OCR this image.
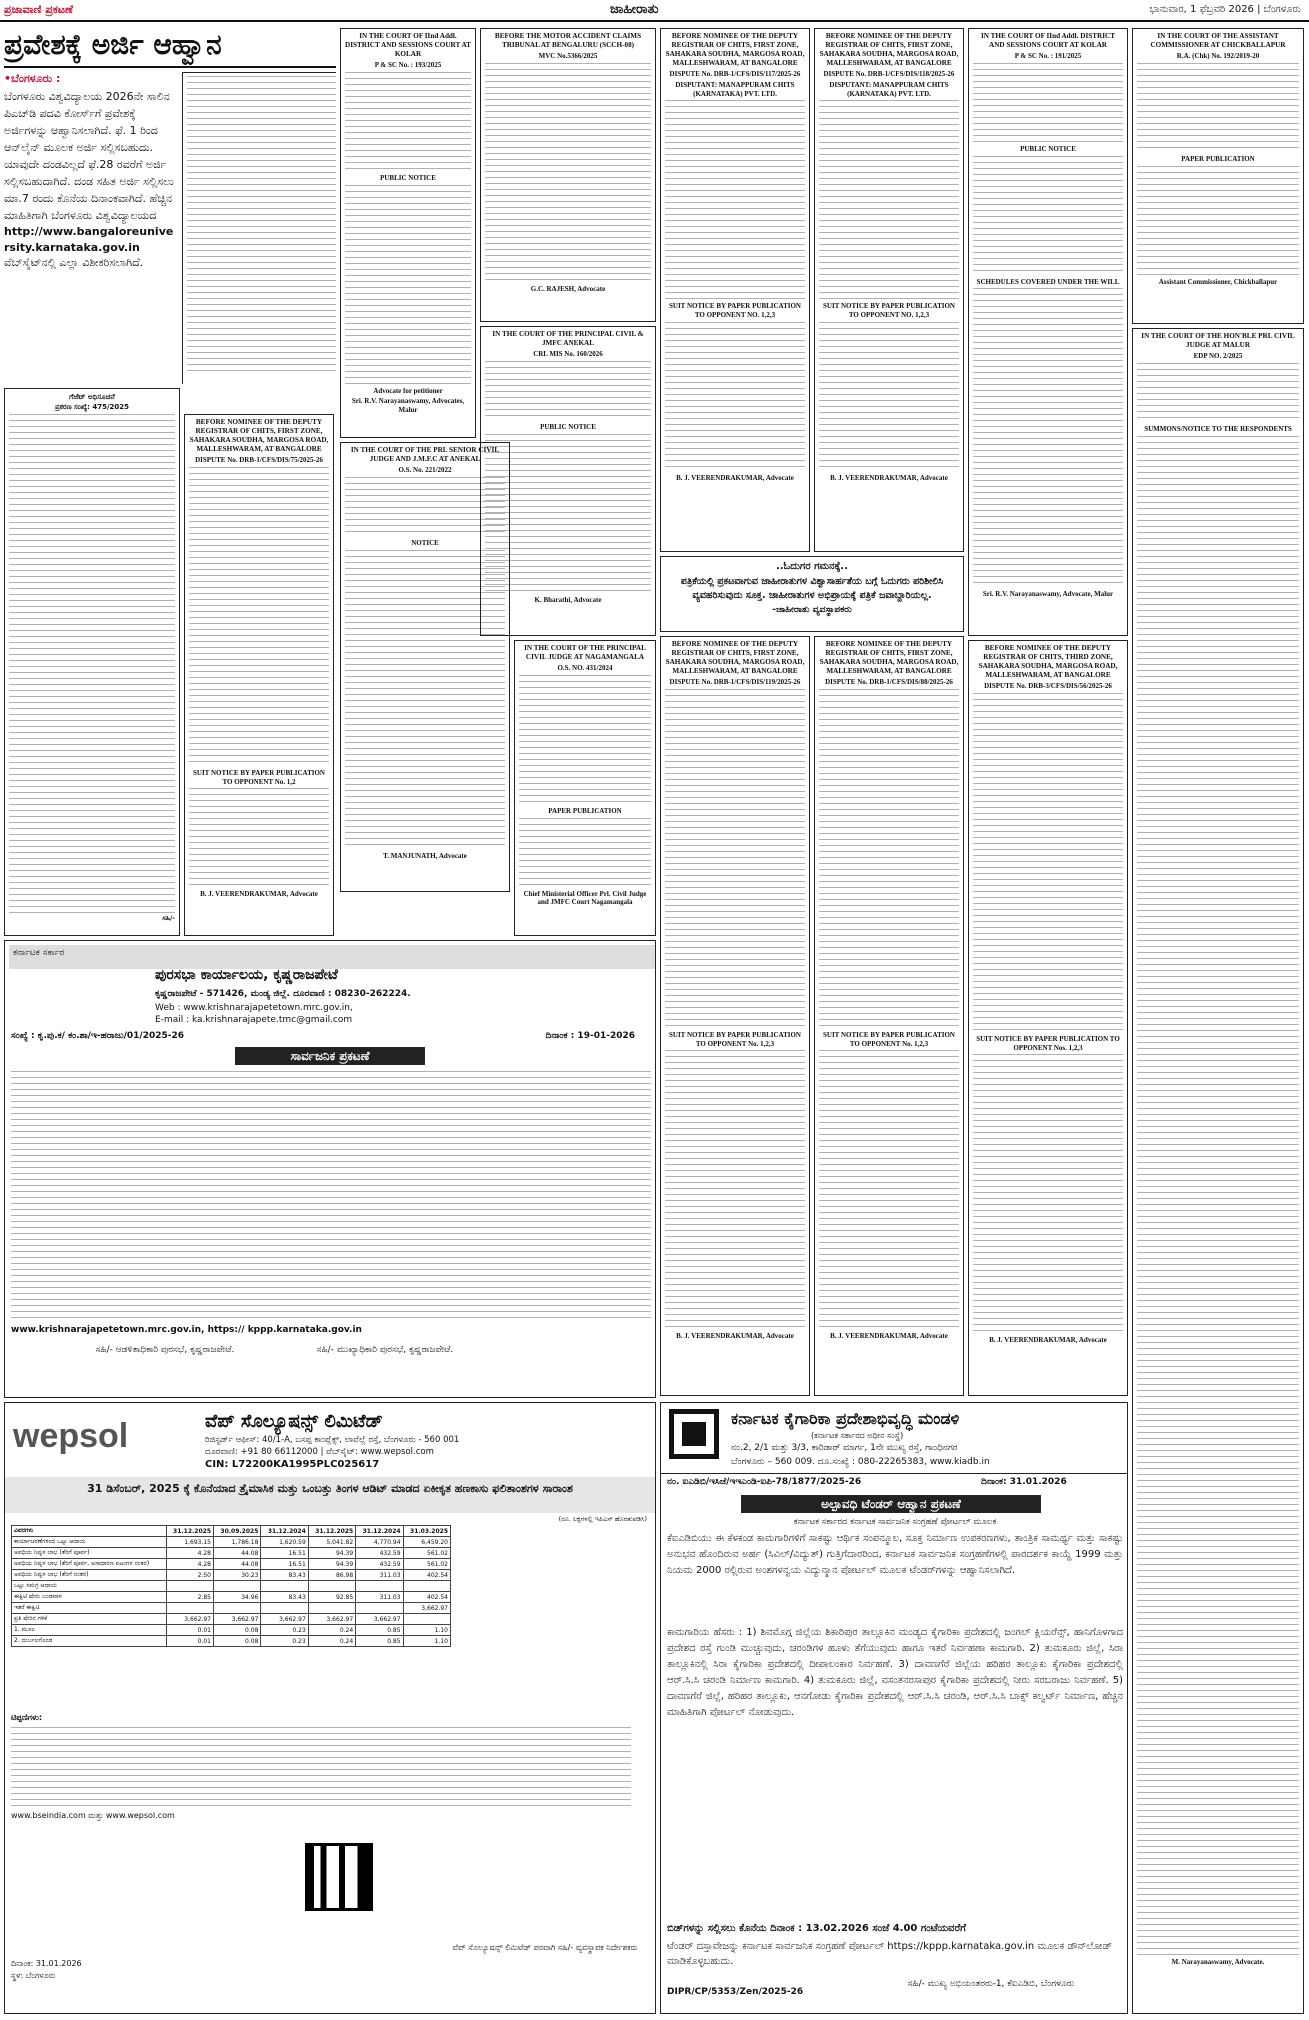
ಪ್ರಜಾವಾಣಿ ಪ್ರಕಟಣೆ	ಜಾಹೀರಾತು	ಭಾನುವಾರ, 1 ಫೆಬ್ರವರಿ 2026 | ಬೆಂಗಳೂರು
ಪ್ರವೇಶಕ್ಕೆ ಅರ್ಜಿ ಆಹ್ವಾನ
•ಬೆಂಗಳೂರು :
ಬೆಂಗಳೂರು ವಿಶ್ವವಿದ್ಯಾಲಯ 2026ನೇ ಸಾಲಿನ ಪಿಎಚ್‌ಡಿ ಪದವಿ ಕೋರ್ಸ್‌ಗೆ ಪ್ರವೇಶಕ್ಕೆ ಅರ್ಜಿಗಳನ್ನು ಆಹ್ವಾನಿಸಲಾಗಿದೆ. ಫೆ. 1 ರಿಂದ ಆನ್‌ಲೈನ್ ಮೂಲಕ ಅರ್ಜಿ ಸಲ್ಲಿಸಬಹುದು. ಯಾವುದೇ ದಂಡವಿಲ್ಲದೆ ಫೆ.28 ರವರೆಗೆ ಅರ್ಜಿ ಸಲ್ಲಿಸಬಹುದಾಗಿದೆ. ದಂಡ ಸಹಿತ ಅರ್ಜಿ ಸಲ್ಲಿಸಲು ಮಾ.7 ರಂದು ಕೊನೆಯ ದಿನಾಂಕವಾಗಿದೆ. ಹೆಚ್ಚಿನ ಮಾಹಿತಿಗಾಗಿ ಬೆಂಗಳೂರು ವಿಶ್ವವಿದ್ಯಾಲಯದ
http://www.bangaloreuniversity.karnataka.gov.in
ವೆಬ್‌ಸೈಟ್‌ನಲ್ಲಿ ಎಲ್ಲಾ ವಿಶೀಕರಿಸಲಾಗಿದೆ.
ಗೆಜೆಟ್ ಅಧಿಸೂಚನೆ
ಪ್ರಕರಣ ಸಂಖ್ಯೆ: 475/2025
ಸಹಿ/-
BEFORE NOMINEE OF THE DEPUTY REGISTRAR OF CHITS, FIRST ZONE, SAHAKARA SOUDHA, MARGOSA ROAD, MALLESHWARAM, AT BANGALORE
DISPUTE No. DRB-1/CFS/DIS/75/2025-26
SUIT NOTICE BY PAPER PUBLICATION TO OPPONENT No. 1,2
B. J. VEERENDRAKUMAR, Advocate
ಕರ್ನಾಟಕ ಸರ್ಕಾರ
ಪುರಸಭಾ ಕಾರ್ಯಾಲಯ, ಕೃಷ್ಣರಾಜಪೇಟೆ
ಕೃಷ್ಣರಾಜಪೇಟೆ - 571426, ಮಂಡ್ಯ ಜಿಲ್ಲೆ. ದೂರವಾಣಿ : 08230-262224.
Web : www.krishnarajapetetown.mrc.gov.in,
E-mail : ka.krishnarajapete.tmc@gmail.com
ಸಂಖ್ಯೆ : ಕೃ.ಪು.ಕ/ ಕಂ.ಶಾ/ಇ-ಹರಾಜು/01/2025-26	ದಿನಾಂಕ : 19-01-2026
ಸಾರ್ವಜನಿಕ ಪ್ರಕಟಣೆ
www.krishnarajapetetown.mrc.gov.in, https:// kppp.karnataka.gov.in
ಸಹಿ/- ಆಡಳಿತಾಧಿಕಾರಿ ಪುರಸಭೆ, ಕೃಷ್ಣರಾಜಪೇಟೆ.	ಸಹಿ/- ಮುಖ್ಯಾಧಿಕಾರಿ ಪುರಸಭೆ, ಕೃಷ್ಣರಾಜಪೇಟೆ.
IN THE COURT OF IInd Addl. DISTRICT AND SESSIONS COURT AT KOLAR
P & SC No. : 193/2025
PUBLIC NOTICE
Advocate for petitioner
Sri. R.V. Narayanaswamy, Advocates, Malur
IN THE COURT OF THE PRL SENIOR CIVIL JUDGE AND J.M.F.C AT ANEKAL
O.S. No. 221/2022
NOTICE
T. MANJUNATH, Advocate
BEFORE THE MOTOR ACCIDENT CLAIMS TRIBUNAL AT BENGALURU (SCCH-08)
MVC No.5366/2025
G.C. RAJESH, Advocate
IN THE COURT OF THE PRINCIPAL CIVIL & JMFC ANEKAL
CRL MIS No. 160/2026
PUBLIC NOTICE
K. Bharathi, Advocate
IN THE COURT OF THE PRINCIPAL CIVIL JUDGE AT NAGAMANGALA
O.S. NO. 431/2024
PAPER PUBLICATION
Chief Ministerial Officer Prl. Civil Judge and JMFC Court Nagamangala
BEFORE NOMINEE OF THE DEPUTY REGISTRAR OF CHITS, FIRST ZONE, SAHAKARA SOUDHA, MARGOSA ROAD, MALLESHWARAM, AT BANGALORE
DISPUTE No. DRB-1/CFS/DIS/117/2025-26
DISPUTANT: MANAPPURAM CHITS (KARNATAKA) PVT. LTD.
SUIT NOTICE BY PAPER PUBLICATION TO OPPONENT NO. 1,2,3
B. J. VEERENDRAKUMAR, Advocate
BEFORE NOMINEE OF THE DEPUTY REGISTRAR OF CHITS, FIRST ZONE, SAHAKARA SOUDHA, MARGOSA ROAD, MALLESHWARAM, AT BANGALORE
DISPUTE No. DRB-1/CFS/DIS/118/2025-26
DISPUTANT: MANAPPURAM CHITS (KARNATAKA) PVT. LTD.
SUIT NOTICE BY PAPER PUBLICATION TO OPPONENT NO. 1,2,3
B. J. VEERENDRAKUMAR, Advocate
..ಓದುಗರ ಗಮನಕ್ಕೆ..
ಪತ್ರಿಕೆಯಲ್ಲಿ ಪ್ರಕಟವಾಗುವ ಜಾಹೀರಾತುಗಳ ವಿಶ್ವಾಸಾರ್ಹತೆಯ ಬಗ್ಗೆ ಓದುಗರು ಪರಿಶೀಲಿಸಿ ವ್ಯವಹರಿಸುವುದು ಸೂಕ್ತ. ಜಾಹೀರಾತುಗಳ ಅಭಿಪ್ರಾಯಕ್ಕೆ ಪತ್ರಿಕೆ ಜವಾಬ್ದಾರಿಯಲ್ಲ.
-ಜಾಹೀರಾತು ವ್ಯವಸ್ಥಾಪಕರು
BEFORE NOMINEE OF THE DEPUTY REGISTRAR OF CHITS, FIRST ZONE, SAHAKARA SOUDHA, MARGOSA ROAD, MALLESHWARAM, AT BANGALORE
DISPUTE No. DRB-1/CFS/DIS/119/2025-26
SUIT NOTICE BY PAPER PUBLICATION TO OPPONENT No. 1,2,3
B. J. VEERENDRAKUMAR, Advocate
BEFORE NOMINEE OF THE DEPUTY REGISTRAR OF CHITS, FIRST ZONE, SAHAKARA SOUDHA, MARGOSA ROAD, MALLESHWARAM, AT BANGALORE
DISPUTE No. DRB-1/CFS/DIS/88/2025-26
SUIT NOTICE BY PAPER PUBLICATION TO OPPONENT No. 1,2,3
B. J. VEERENDRAKUMAR, Advocate
IN THE COURT OF IInd Addl. DISTRICT AND SESSIONS COURT AT KOLAR
P & SC No. : 191/2025
PUBLIC NOTICE
SCHEDULES COVERED UNDER THE WILL
Sri. R.V. Narayanaswamy, Advocate, Malur
BEFORE NOMINEE OF THE DEPUTY REGISTRAR OF CHITS, THIRD ZONE, SAHAKARA SOUDHA, MARGOSA ROAD, MALLESHWARAM, AT BANGALORE
DISPUTE No. DRB-3/CFS/DIS/56/2025-26
SUIT NOTICE BY PAPER PUBLICATION TO OPPONENT Nos. 1,2,3
B. J. VEERENDRAKUMAR, Advocate
IN THE COURT OF THE ASSISTANT COMMISSIONER AT CHICKBALLAPUR
R.A. (Chk) No. 192/2019-20
PAPER PUBLICATION
Assistant Commissioner, Chickballapur
IN THE COURT OF THE HON'BLE PRL CIVIL JUDGE AT MALUR
EDP NO. 2/2025
SUMMONS/NOTICE TO THE RESPONDENTS
M. Narayanaswamy, Advocate.
wepsol	ವೆಪ್ ಸೊಲ್ಯೂಷನ್ಸ್ ಲಿಮಿಟೆಡ್
ರಿಜಿಸ್ಟರ್ಡ್ ಆಫೀಸ್: 40/1-A, ಬಸಪ್ಪ ಕಾಂಪ್ಲೆಕ್ಸ್, ಲಾವೆಲ್ಲೆ ರಸ್ತೆ, ಬೆಂಗಳೂರು - 560 001
ದೂರವಾಣಿ: +91 80 66112000 | ವೆಬ್‌ಸೈಟ್: www.wepsol.com
CIN: L72200KA1995PLC025617
31 ಡಿಸೆಂಬರ್, 2025 ಕ್ಕೆ ಕೊನೆಯಾದ ತ್ರೈಮಾಸಿಕ ಮತ್ತು ಒಂಬತ್ತು ತಿಂಗಳ ಆಡಿಟ್‌ ಮಾಡದ ಏಕೀಕೃತ ಹಣಕಾಸು ಫಲಿತಾಂಶಗಳ ಸಾರಾಂಶ
(ರೂ. ಲಕ್ಷಗಳಲ್ಲಿ ಇಪಿಎಸ್ ಹೊರತುಪಡಿಸಿ)
ವಿವರಗಳು	31.12.2025	30.09.2025	31.12.2024	31.12.2025	31.12.2024	31.03.2025
ಕಾರ್ಯಾಚರಣೆಗಳಿಂದ ಒಟ್ಟು ಆದಾಯ	1,693.15	1,786.18	1,620.59	5,041.82	4,770.94	6,459.20
ಅವಧಿಯ ನಿವ್ವಳ ಲಾಭ (ತೆರಿಗೆ ಪೂರ್ವ)	4.28	44.08	16.51	94.39	432.59	561.02
ಅವಧಿಯ ನಿವ್ವಳ ಲಾಭ (ತೆರಿಗೆ ಪೂರ್ವ, ಅಸಾಧಾರಣ ಐಟಂಗಳ ನಂತರ)	4.28	44.08	16.51	94.39	432.59	561.02
ಅವಧಿಯ ನಿವ್ವಳ ಲಾಭ (ತೆರಿಗೆ ನಂತರ)	2.50	30.23	83.43	86.98	311.03	402.54
ಒಟ್ಟು ಸಮಗ್ರ ಆದಾಯ						
ಈಕ್ವಿಟಿ ಷೇರು ಬಂಡವಾಳ	2.85	34.96	83.43	92.85	311.03	402.54
ಇತರೆ ಈಕ್ವಿಟಿ						3,662.97
ಪ್ರತಿ ಷೇರಿನ ಗಳಿಕೆ	3,662.97	3,662.97	3,662.97	3,662.97	3,662.97	
1. ಮೂಲ	0.01	0.08	0.23	0.24	0.85	1.10
2. ದುರ್ಬಲಗೊಂಡ	0.01	0.08	0.23	0.24	0.85	1.10
ಟಿಪ್ಪಣಿಗಳು:
www.bseindia.com ಮತ್ತು www.wepsol.com
ದಿನಾಂಕ: 31.01.2026
ಸ್ಥಳ: ಬೆಂಗಳೂರು
ವೆಪ್ ಸೊಲ್ಯೂಷನ್ಸ್ ಲಿಮಿಟೆಡ್ ಪರವಾಗಿ ಸಹಿ/- ವ್ಯವಸ್ಥಾಪಕ ನಿರ್ದೇಶಕರು
ಕರ್ನಾಟಕ ಕೈಗಾರಿಕಾ ಪ್ರದೇಶಾಭಿವೃದ್ಧಿ ಮಂಡಳಿ
(ಕರ್ನಾಟಕ ಸರ್ಕಾರದ ಅಧೀನ ಸಂಸ್ಥೆ)
ನಂ.2, 2/1 ಮತ್ತು 3/3, ಕಾರಿಡಾರ್ ಮಾರ್ಗ, 1ನೇ ಮುಖ್ಯ ರಸ್ತೆ, ಗಾಂಧಿನಗರ
ಬೆಂಗಳೂರು – 560 009. ದೂ.ಸಂಖ್ಯೆ : 080-22265383, www.kiadb.in
ನಂ. ಐಎಡಿಬಿ/ಇಸಿಜೆ/ಇಇಎಂಡಿ-ಐಪಿ-78/1877/2025-26	ದಿನಾಂಕ: 31.01.2026
ಅಲ್ಪಾವಧಿ ಟೆಂಡರ್ ಆಹ್ವಾನ ಪ್ರಕಟಣೆ
ಕರ್ನಾಟಕ ಸರ್ಕಾರದ ಕರ್ನಾಟಕ ಸಾರ್ವಜನಿಕ ಸಂಗ್ರಹಣೆ ಪೋರ್ಟಲ್ ಮೂಲಕ
ಕೆಐಎಡಿಬಿಯು ಈ ಕೆಳಕಂಡ ಕಾಮಗಾರಿಗಳಿಗೆ ಸಾಕಷ್ಟು ಆರ್ಥಿಕ ಸಂಪನ್ಮೂಲ, ಸೂಕ್ತ ನಿರ್ಮಾಣ ಉಪಕರಣಗಳು, ತಾಂತ್ರಿಕ ಸಾಮರ್ಥ್ಯ ಮತ್ತು ಸಾಕಷ್ಟು ಅನುಭವ ಹೊಂದಿರುವ ಅರ್ಹ (ಸಿವಿಲ್/ವಿದ್ಯುತ್) ಗುತ್ತಿಗೆದಾರರಿಂದ, ಕರ್ನಾಟಕ ಸಾರ್ವಜನಿಕ ಸಂಗ್ರಹಣೆಗಳಲ್ಲಿ ಪಾರದರ್ಶಕ ಕಾಯ್ದೆ 1999 ಮತ್ತು ನಿಯಮ 2000 ರಲ್ಲಿರುವ ಅಂಶಗಳನ್ವಯ ವಿದ್ಯುನ್ಮಾನ ಪೋರ್ಟಲ್ ಮೂಲಕ ಟೆಂಡರ್‌ಗಳನ್ನು ಆಹ್ವಾನಿಸಲಾಗಿದೆ.
ಕಾಮಗಾರಿಯ ಹೆಸರು : 1) ಶಿವಮೊಗ್ಗ ಜಿಲ್ಲೆಯ ಶಿಕಾರಿಪುರ ತಾಲ್ಲೂಕಿನ ಮಂಡ್ಯದ ಕೈಗಾರಿಕಾ ಪ್ರದೇಶದಲ್ಲಿ ಜಂಗಲ್ ಕ್ಲಿಯರೆನ್ಸ್, ಹಾನಿಗೊಳಗಾದ ಪ್ರದೇಶದ ರಸ್ತೆ ಗುಂಡಿ ಮುಚ್ಚುವುದು, ಚರಂಡಿಗಳ ಹೂಳು ತೆಗೆಯುವುದು ಹಾಗೂ ಇತರೆ ನಿರ್ವಹಣಾ ಕಾಮಗಾರಿ. 2) ತುಮಕೂರು ಜಿಲ್ಲೆ, ಸಿರಾ ತಾಲ್ಲೂಕಿನಲ್ಲಿ ಸಿರಾ ಕೈಗಾರಿಕಾ ಪ್ರದೇಶದಲ್ಲಿ ದೀಪಾಲಂಕಾರ ನಿರ್ವಹಣೆ. 3) ದಾವಣಗೆರೆ ಜಿಲ್ಲೆಯ ಹರಿಹರ ತಾಲ್ಲೂಕು ಕೈಗಾರಿಕಾ ಪ್ರದೇಶದಲ್ಲಿ ಆರ್‌.ಸಿ.ಸಿ ಚರಂಡಿ ನಿರ್ಮಾಣ ಕಾಮಗಾರಿ. 4) ತುಮಕೂರು ಜಿಲ್ಲೆ, ವಸಂತನರಸಾಪುರ ಕೈಗಾರಿಕಾ ಪ್ರದೇಶದಲ್ಲಿ ನೀರು ಸರಬರಾಜು ನಿರ್ವಹಣೆ. 5) ದಾವಣಗೆರೆ ಜಿಲ್ಲೆ, ಹರಿಹರ ತಾಲ್ಲೂಕು, ಆನಗೋಡು ಕೈಗಾರಿಕಾ ಪ್ರದೇಶದಲ್ಲಿ ಆರ್‌.ಸಿ.ಸಿ ಚರಂಡಿ, ಆರ್‌.ಸಿ.ಸಿ ಬಾಕ್ಸ್ ಕಲ್ವರ್ಟ್ ನಿರ್ಮಾಣ, ಹೆಚ್ಚಿನ ಮಾಹಿತಿಗಾಗಿ ಪೋರ್ಟಲ್ ನೋಡುವುದು.
ಬಿಡ್‌ಗಳನ್ನು ಸಲ್ಲಿಸಲು ಕೊನೆಯ ದಿನಾಂಕ : 13.02.2026 ಸಂಜೆ 4.00 ಗಂಟೆಯವರೆಗೆ
ಟೆಂಡರ್ ದಸ್ತಾವೇಜನ್ನು ಕರ್ನಾಟಕ ಸಾರ್ವಜನಿಕ ಸಂಗ್ರಹಣೆ ಪೋರ್ಟಲ್ https://kppp.karnataka.gov.in ಮೂಲಕ ಡೌನ್‌ಲೋಡ್ ಮಾಡಿಕೊಳ್ಳಬಹುದು.
DIPR/CP/5353/Zen/2025-26
ಸಹಿ/- ಮುಖ್ಯ ಅಭಿಯಂತರರು-1, ಕೆಐಎಡಿಬಿ, ಬೆಂಗಳೂರು
